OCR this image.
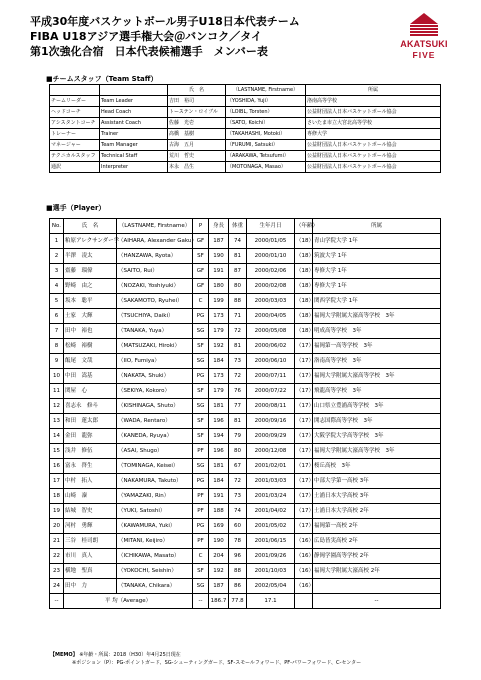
平成30年度バスケットボール男子U18日本代表チーム
FIBA U18アジア選手権大会＠バンコク／タイ
第1次強化合宿　日本代表候補選手　メンバー表
AKATSUKI
FIVE
■チームスタッフ（Team Staff）
		氏　名	（LASTNAME, Firstname）	所属
チームリーダー	Team Leader	吉田　裕司	（YOSHIDA, Yuji）	洛南高等学校
ヘッドコーチ	Head Coach	トーステン・ロイブル	（LOIBL, Torsten）	公益財団法人日本バスケットボール協会
アシスタントコーチ	Assistant Coach	佐藤　光壱	（SATO, Koichi）	さいたま市立大宮北高等学校
トレーナー	Trainer	髙橋　基樹	（TAKAHASHI, Motoki）	専修大学
マネージャー	Team Manager	古海　五月	（FURUMI, Satsuki）	公益財団法人日本バスケットボール協会
テクニカルスタッフ	Technical Staff	荒川　哲史	（ARAKAWA, Tetsufumi）	公益財団法人日本バスケットボール協会
通訳	Interpreter	本永　昌生	（MOTONAGA, Masao）	公益財団法人日本バスケットボール協会
■選手（Player）
No.	氏　名	（LASTNAME, Firstname）	P	身長	体重	生年月日	（年齢）	所属
1	粕原アレクサンダー学	（AIHARA, Alexander Gaku）	GF	187	74	2000/01/05	（18）	青山学院大学 1年
2	半澤　凌太	（HANZAWA, Ryota）	SF	190	81	2000/01/10	（18）	筑波大学 1年
3	齋藤　瑠偉	（SAITO, Rui）	GF	191	87	2000/02/06	（18）	専修大学 1年
4	野崎　由之	（NOZAKI, Yoshiyuki）	GF	180	80	2000/02/08	（18）	専修大学 1年
5	坂本　聡平	（SAKAMOTO, Ryuhei）	C	199	88	2000/03/03	（18）	関西学院大学 1年
6	土家　大輝	（TSUCHIYA, Daiki）	PG	173	71	2000/04/05	（18）	福岡大学附属大濠高等学校　3年
7	田中　裕也	（TANAKA, Yuya）	SG	179	72	2000/05/08	（18）	明成高等学校　3年
8	松崎　裕樹	（MATSUZAKI, Hiroki）	SF	192	81	2000/06/02	（17）	福岡第一高等学校　3年
9	飯尾　文哉	（IIO, Fumiya）	SG	184	73	2000/06/10	（17）	洛南高等学校　3年
10	中田　嵩基	（NAKATA, Shuki）	PG	173	72	2000/07/11	（17）	福岡大学附属大濠高等学校　3年
11	関屋　心	（SEKIYA, Kokoro）	SF	179	76	2000/07/22	（17）	飛龍高等学校　3年
12	喜志永　修斗	（KISHINAGA, Shuto）	SG	181	77	2000/08/11	（17）	山口県立豊浦高等学校　3年
13	和田　蓮太郎	（WADA, Rentaro）	SF	196	81	2000/09/16	（17）	開志国際高等学校　3年
14	金田　龍弥	（KANEDA, Ryuya）	SF	194	79	2000/09/29	（17）	大阪学院大学高等学校　3年
15	浅井　修伍	（ASAI, Shugo）	PF	196	80	2000/12/08	（17）	福岡大学附属大濠高等学校　3年
16	富永　啓生	（TOMINAGA, Keisei）	SG	181	67	2001/02/01	（17）	桜丘高校　3年
17	中村　拓人	（NAKAMURA, Takuto）	PG	184	72	2001/03/03	（17）	中部大学第一高校 3年
18	山崎　凜	（YAMAZAKI, Rin）	PF	191	73	2001/03/24	（17）	土浦日本大学高校 3年
19	結城　智史	（YUKI, Satoshi）	PF	188	74	2001/04/02	（17）	土浦日本大学高校 2年
20	河村　勇輝	（KAWAMURA, Yuki）	PG	169	60	2001/05/02	（17）	福岡第一高校 2年
21	三谷　桂司朗	（MITANI, Keijiro）	PF	190	78	2001/06/15	（16）	広島皆実高校 2年
22	市川　真人	（ICHIKAWA, Masato）	C	204	96	2001/09/26	（16）	静岡学園高等学校 2年
23	横地　聖真	（YOKOCHI, Seishin）	SF	192	88	2001/10/03	（16）	福岡大学附属大濠高校 2年
24	田中　力	（TANAKA, Chikara）	SG	187	86	2002/05/04	（16）	
--	平 均（Average）		--	186.7	77.8	17.1		--
【MEMO】 ※年齢・所属：2018（H30）年4月25日現在
※ポジション（P）：PG-ポイントガード、SG-シューティングガード、SF-スモールフォワード、PF-パワーフォワード、C-センター
